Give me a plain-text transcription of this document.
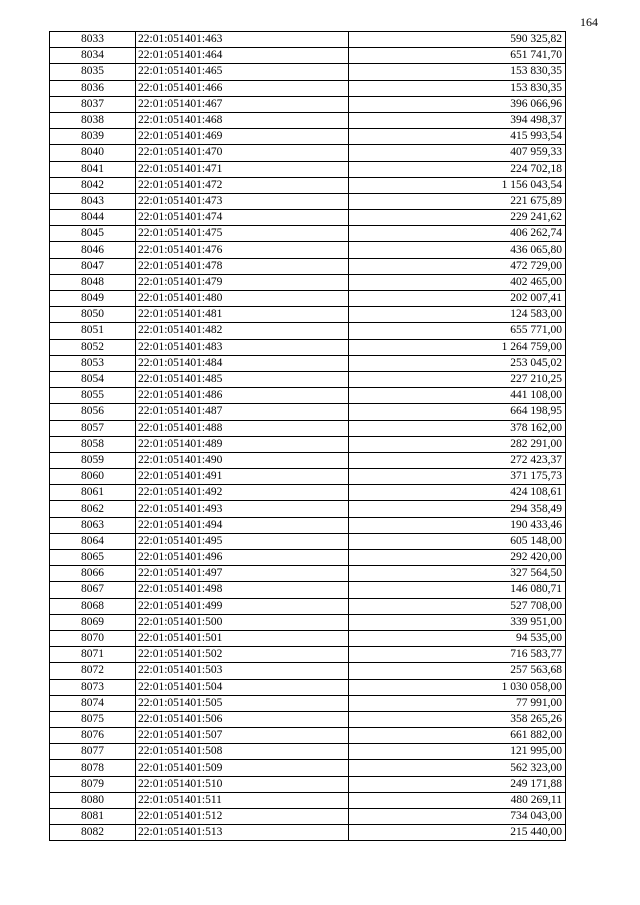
164
8033	22:01:051401:463	590 325,82
8034	22:01:051401:464	651 741,70
8035	22:01:051401:465	153 830,35
8036	22:01:051401:466	153 830,35
8037	22:01:051401:467	396 066,96
8038	22:01:051401:468	394 498,37
8039	22:01:051401:469	415 993,54
8040	22:01:051401:470	407 959,33
8041	22:01:051401:471	224 702,18
8042	22:01:051401:472	1 156 043,54
8043	22:01:051401:473	221 675,89
8044	22:01:051401:474	229 241,62
8045	22:01:051401:475	406 262,74
8046	22:01:051401:476	436 065,80
8047	22:01:051401:478	472 729,00
8048	22:01:051401:479	402 465,00
8049	22:01:051401:480	202 007,41
8050	22:01:051401:481	124 583,00
8051	22:01:051401:482	655 771,00
8052	22:01:051401:483	1 264 759,00
8053	22:01:051401:484	253 045,02
8054	22:01:051401:485	227 210,25
8055	22:01:051401:486	441 108,00
8056	22:01:051401:487	664 198,95
8057	22:01:051401:488	378 162,00
8058	22:01:051401:489	282 291,00
8059	22:01:051401:490	272 423,37
8060	22:01:051401:491	371 175,73
8061	22:01:051401:492	424 108,61
8062	22:01:051401:493	294 358,49
8063	22:01:051401:494	190 433,46
8064	22:01:051401:495	605 148,00
8065	22:01:051401:496	292 420,00
8066	22:01:051401:497	327 564,50
8067	22:01:051401:498	146 080,71
8068	22:01:051401:499	527 708,00
8069	22:01:051401:500	339 951,00
8070	22:01:051401:501	94 535,00
8071	22:01:051401:502	716 583,77
8072	22:01:051401:503	257 563,68
8073	22:01:051401:504	1 030 058,00
8074	22:01:051401:505	77 991,00
8075	22:01:051401:506	358 265,26
8076	22:01:051401:507	661 882,00
8077	22:01:051401:508	121 995,00
8078	22:01:051401:509	562 323,00
8079	22:01:051401:510	249 171,88
8080	22:01:051401:511	480 269,11
8081	22:01:051401:512	734 043,00
8082	22:01:051401:513	215 440,00
